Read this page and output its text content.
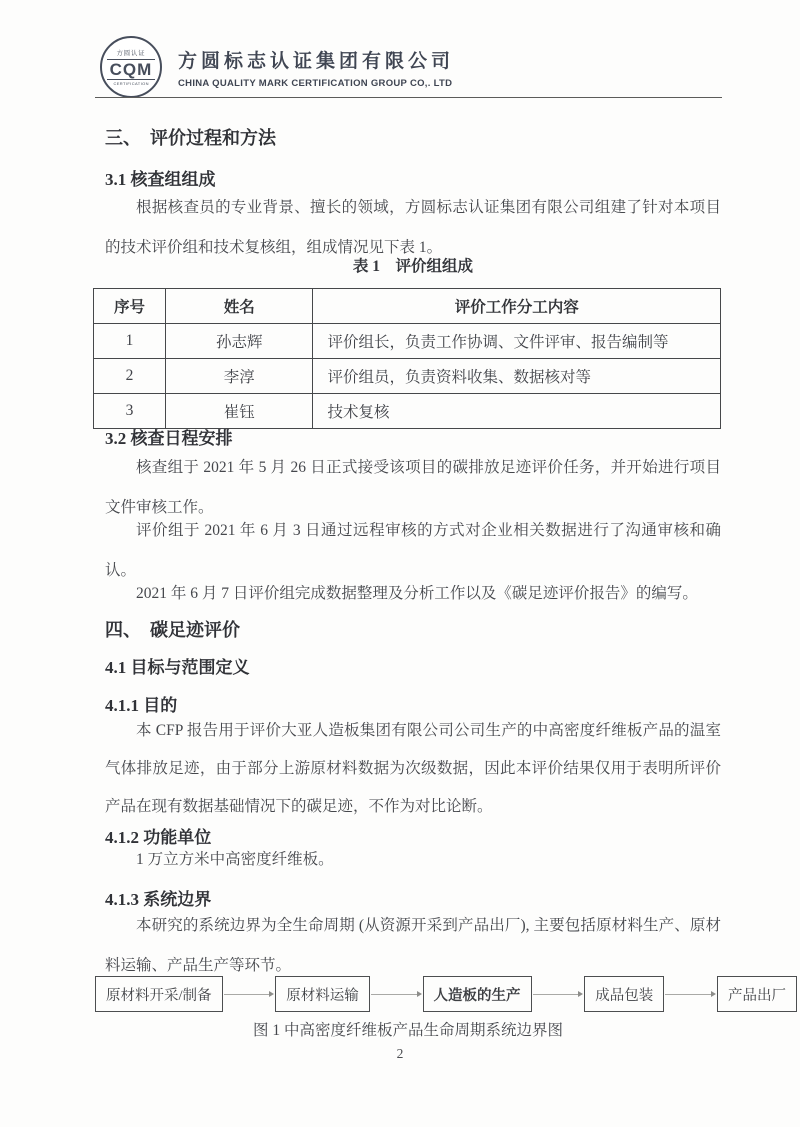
方圆认证
CQM
CERTIFICATION
方圆标志认证集团有限公司
CHINA QUALITY MARK CERTIFICATION GROUP CO,. LTD
三、　评价过程和方法
3.1 核查组组成
根据核查员的专业背景、擅长的领域，方圆标志认证集团有限公司组建了针对本项目的技术评价组和技术复核组，组成情况见下表 1。
表 1　评价组组成
序号	姓名	评价工作分工内容
1	孙志辉	评价组长，负责工作协调、文件评审、报告编制等
2	李淳	评价组员，负责资料收集、数据核对等
3	崔钰	技术复核
3.2 核查日程安排
核查组于 2021 年 5 月 26 日正式接受该项目的碳排放足迹评价任务，并开始进行项目文件审核工作。
评价组于 2021 年 6 月 3 日通过远程审核的方式对企业相关数据进行了沟通审核和确认。
2021 年 6 月 7 日评价组完成数据整理及分析工作以及《碳足迹评价报告》的编写。
四、　碳足迹评价
4.1 目标与范围定义
4.1.1 目的
本 CFP 报告用于评价大亚人造板集团有限公司公司生产的中高密度纤维板产品的温室气体排放足迹，由于部分上游原材料数据为次级数据，因此本评价结果仅用于表明所评价产品在现有数据基础情况下的碳足迹，不作为对比论断。
4.1.2 功能单位
1 万立方米中高密度纤维板。
4.1.3 系统边界
本研究的系统边界为全生命周期 (从资源开采到产品出厂), 主要包括原材料生产、原材料运输、产品生产等环节。
原材料开采/制备	原材料运输	人造板的生产	成品包装	产品出厂
图 1 中高密度纤维板产品生命周期系统边界图
2
